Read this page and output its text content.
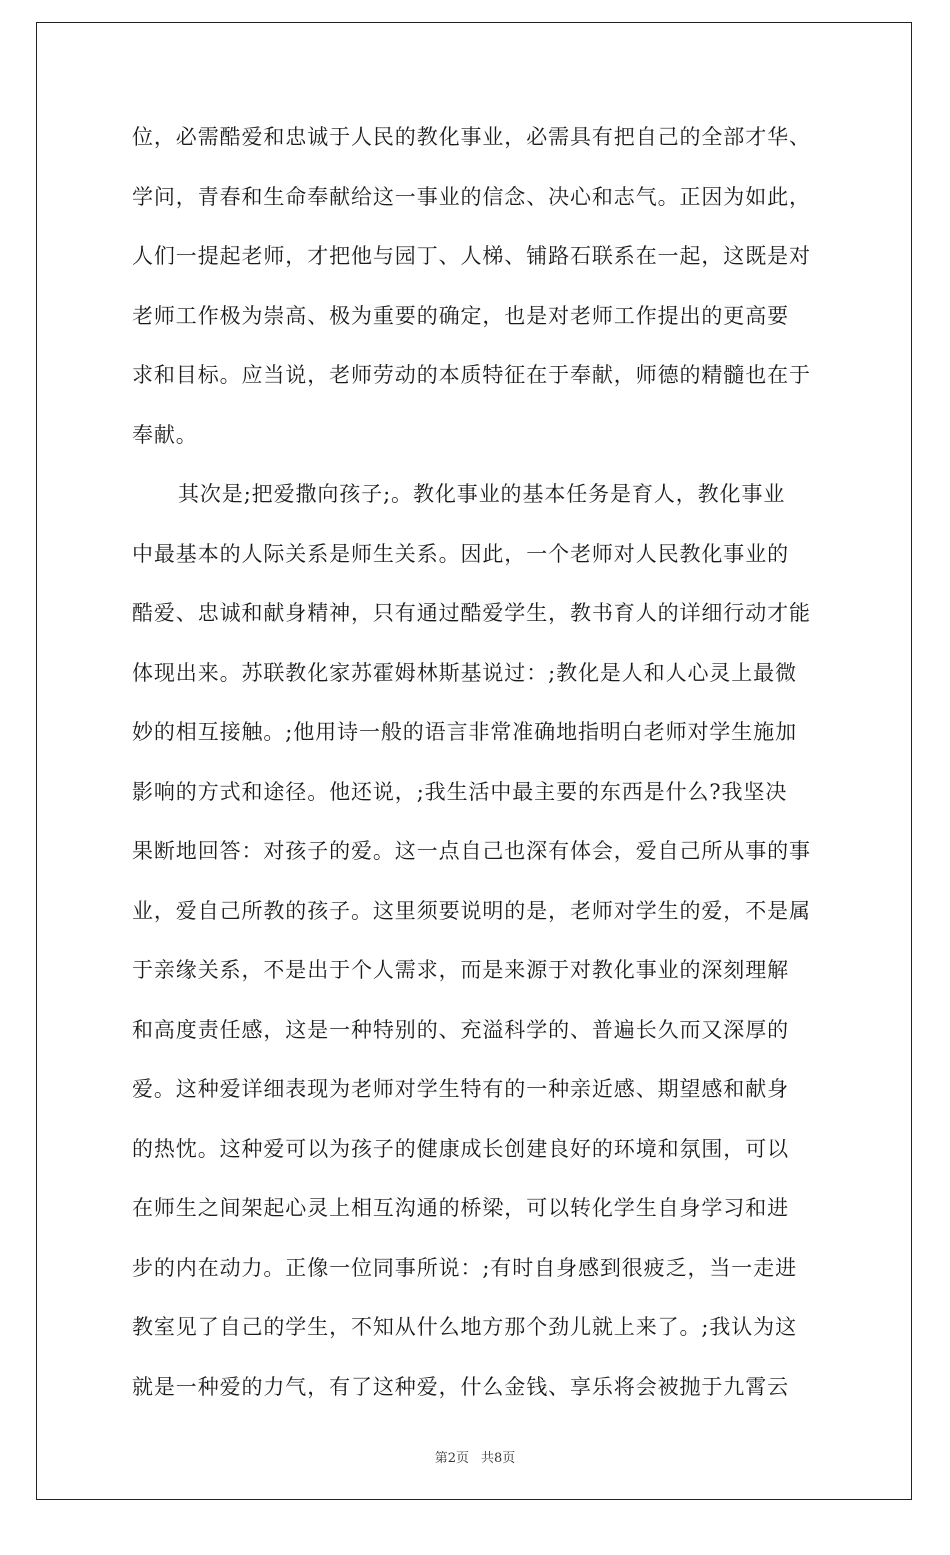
位，必需酷爱和忠诚于人民的教化事业，必需具有把自己的全部才华、
学问，青春和生命奉献给这一事业的信念、决心和志气。正因为如此，
人们一提起老师，才把他与园丁、人梯、铺路石联系在一起，这既是对
老师工作极为崇高、极为重要的确定，也是对老师工作提出的更高要
求和目标。应当说，老师劳动的本质特征在于奉献，师德的精髓也在于
奉献。
其次是;把爱撒向孩子;。教化事业的基本任务是育人，教化事业
中最基本的人际关系是师生关系。因此，一个老师对人民教化事业的
酷爱、忠诚和献身精神，只有通过酷爱学生，教书育人的详细行动才能
体现出来。苏联教化家苏霍姆林斯基说过：;教化是人和人心灵上最微
妙的相互接触。;他用诗一般的语言非常准确地指明白老师对学生施加
影响的方式和途径。他还说，;我生活中最主要的东西是什么?我坚决
果断地回答：对孩子的爱。这一点自己也深有体会，爱自己所从事的事
业，爱自己所教的孩子。这里须要说明的是，老师对学生的爱，不是属
于亲缘关系，不是出于个人需求，而是来源于对教化事业的深刻理解
和高度责任感，这是一种特别的、充溢科学的、普遍长久而又深厚的
爱。这种爱详细表现为老师对学生特有的一种亲近感、期望感和献身
的热忱。这种爱可以为孩子的健康成长创建良好的环境和氛围，可以
在师生之间架起心灵上相互沟通的桥梁，可以转化学生自身学习和进
步的内在动力。正像一位同事所说：;有时自身感到很疲乏，当一走进
教室见了自己的学生，不知从什么地方那个劲儿就上来了。;我认为这
就是一种爱的力气，有了这种爱，什么金钱、享乐将会被抛于九霄云
第2页 共8页
